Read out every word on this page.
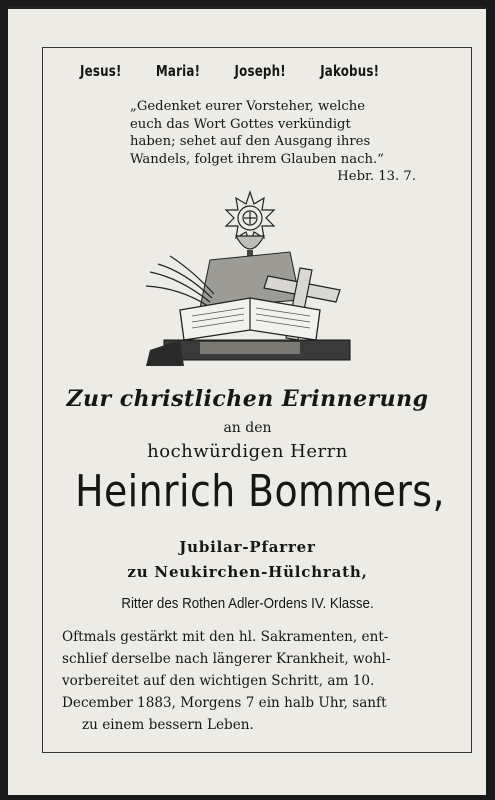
Jesus! Maria! Joseph! Jakobus!
„Gedenket eurer Vorsteher, welche
euch das Wort Gottes verkündigt
haben; sehet auf den Ausgang ihres
Wandels, folget ihrem Glauben nach.“
Hebr. 13. 7.
Zur christlichen Erinnerung
an den
hochwürdigen Herrn
Heinrich Bommers,
Jubilar-Pfarrer
zu Neukirchen-Hülchrath,
Ritter des Rothen Adler-Ordens IV. Klasse.
Oftmals gestärkt mit den hl. Sakramenten, ent-
schlief derselbe nach längerer Krankheit, wohl-
vorbereitet auf den wichtigen Schritt, am 10.
December 1883, Morgens 7 ein halb Uhr, sanft
zu einem bessern Leben.
